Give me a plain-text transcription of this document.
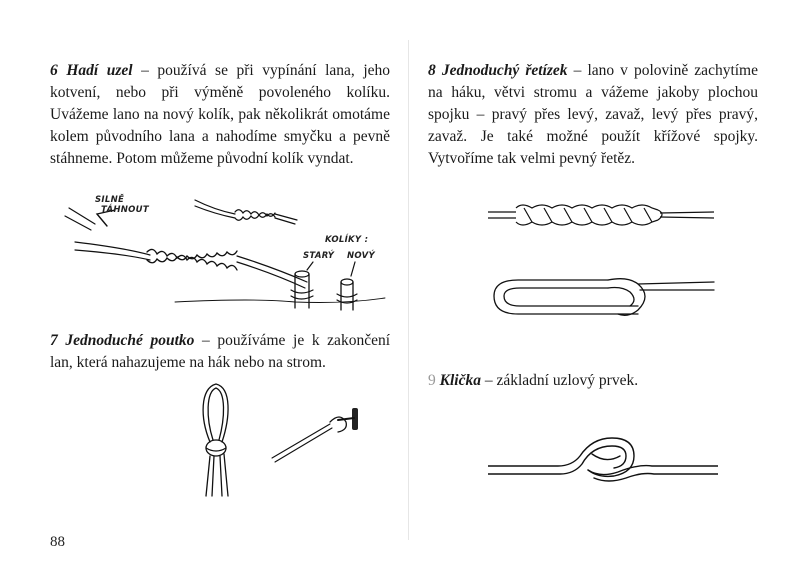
6 Hadí uzel – používá se při vypínání lana, jeho kotvení, nebo při výměně povoleného kolíku. Uvážeme lano na nový kolík, pak několikrát omotáme kolem původního lana a nahodíme smyčku a pevně stáhneme. Potom můžeme původní kolík vyndat.

SILNĚ
TÁHNOUT
KOLÍKY :
STARÝ NOVÝ

7 Jednoduché poutko – používáme je k zakončení lan, která nahazujeme na hák nebo na strom.

8 Jednoduchý řetízek – lano v polovině zachytíme na háku, větvi stromu a vážeme jakoby plochou spojku – pravý přes levý, zavaž, levý přes pravý, zavaž. Je také možné použít křížové spojky. Vytvoříme tak velmi pevný řetěz.

9 Klička – základní uzlový prvek.

88
